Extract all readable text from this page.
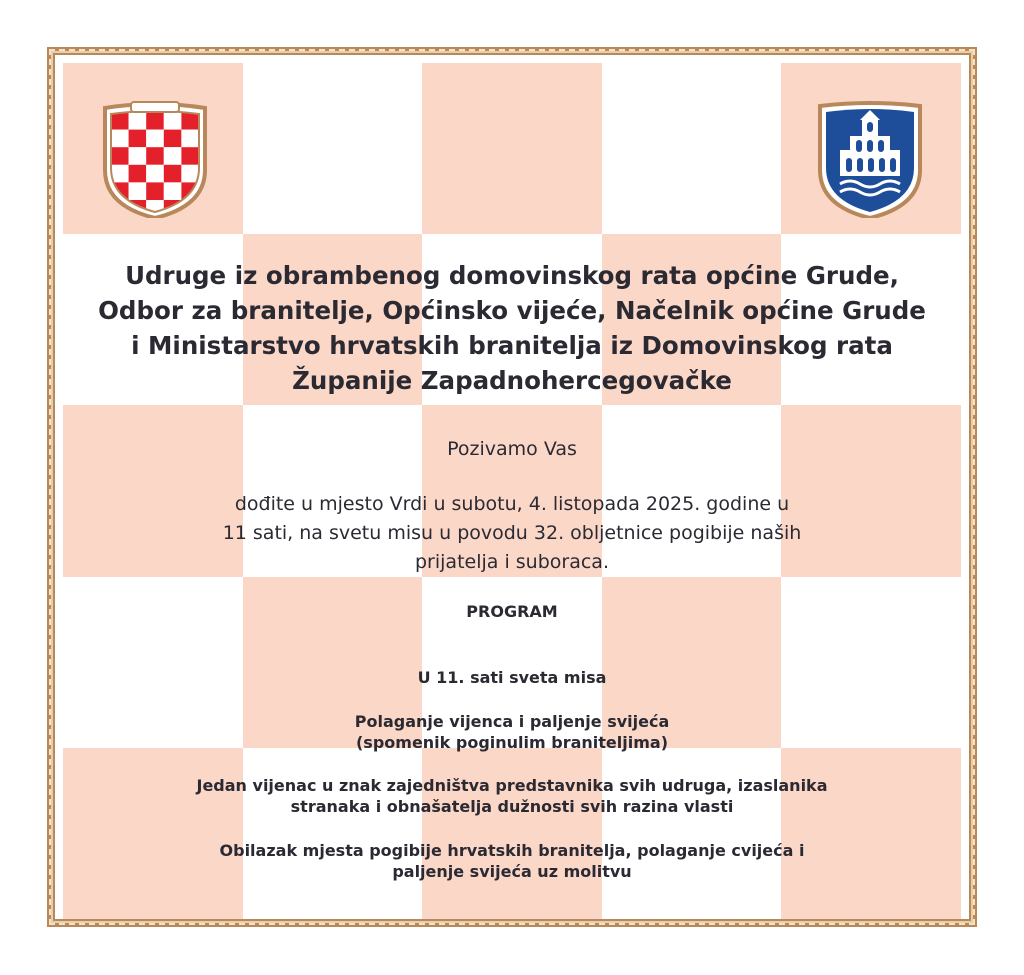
Udruge iz obrambenog domovinskog rata općine Grude,
Odbor za branitelje, Općinsko vijeće, Načelnik općine Grude
i Ministarstvo hrvatskih branitelja iz Domovinskog rata
Županije Zapadnohercegovačke
Pozivamo Vas
dođite u mjesto Vrdi u subotu, 4. listopada 2025. godine u
11 sati, na svetu misu u povodu 32. obljetnice pogibije naših
prijatelja i suboraca.
PROGRAM
U 11. sati sveta misa
Polaganje vijenca i paljenje svijeća
(spomenik poginulim braniteljima)
Jedan vijenac u znak zajedništva predstavnika svih udruga, izaslanika
stranaka i obnašatelja dužnosti svih razina vlasti
Obilazak mjesta pogibije hrvatskih branitelja, polaganje cvijeća i
paljenje svijeća uz molitvu
